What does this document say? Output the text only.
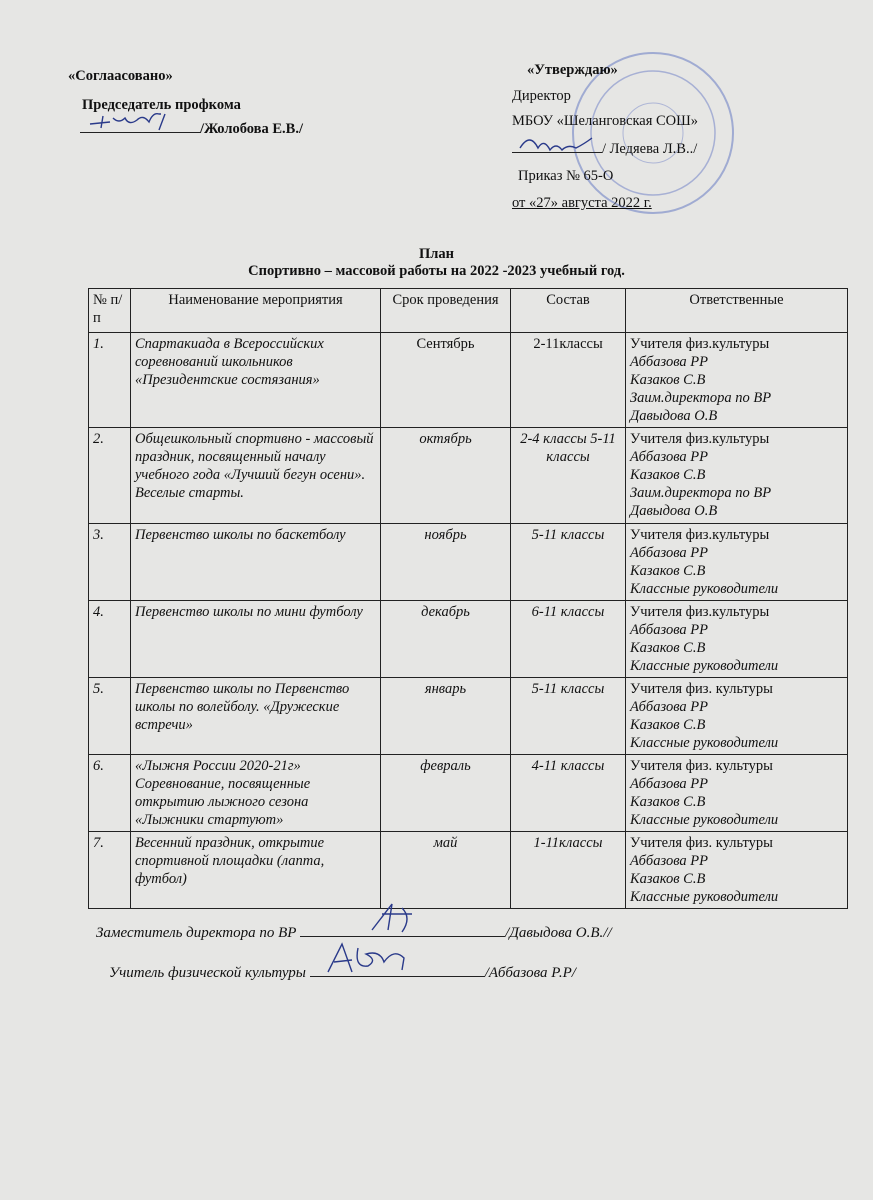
«Соглаасовано»
Председатель профкома
/Жолобова Е.В./
«Утверждаю»
Директор
МБОУ «Шеланговская СОШ»
/ Ледяева Л.В../
Приказ № 65-О
от «27» августа 2022 г.
План
Спортивно – массовой работы на 2022 -2023 учебный год.
№ п/п	Наименование мероприятия	Срок проведения	Состав	Ответственные
1.	Спартакиада в Всероссийских соревнований школьников «Президентские состязания»	Сентябрь	2-11классы	Учителя физ.культуры
Аббазова РР
Казаков С.В
Заим.директора по ВР
Давыдова О.В

2.	Общешкольный спортивно - массовый праздник, посвященный началу учебного года «Лучший бегун осени». Веселые старты.	октябрь	2-4 классы 5-11 классы	Учителя физ.культуры
Аббазова РР
Казаков С.В
Заим.директора по ВР
Давыдова О.В

3.	Первенство школы по баскетболу	ноябрь	5-11 классы	Учителя физ.культуры
Аббазова РР
Казаков С.В
Классные руководители

4.	Первенство школы по мини футболу	декабрь	6-11 классы	Учителя физ.культуры
Аббазова РР
Казаков С.В
Классные руководители

5.	Первенство школы по Первенство школы по волейболу. «Дружеские встречи»	январь	5-11 классы	Учителя физ. культуры
Аббазова РР
Казаков С.В
Классные руководители

6.	«Лыжня России 2020-21г» Соревнование, посвященные открытию лыжного сезона «Лыжники стартуют»	февраль	4-11 классы	Учителя физ. культуры
Аббазова РР
Казаков С.В
Классные руководители

7.	Весенний праздник, открытие спортивной площадки (лапта, футбол)	май	1-11классы	Учителя физ. культуры
Аббазова РР
Казаков С.В
Классные руководители
Заместитель директора по ВР	/Давыдова О.В.//
Учитель физической культуры	/Аббазова Р.Р/
